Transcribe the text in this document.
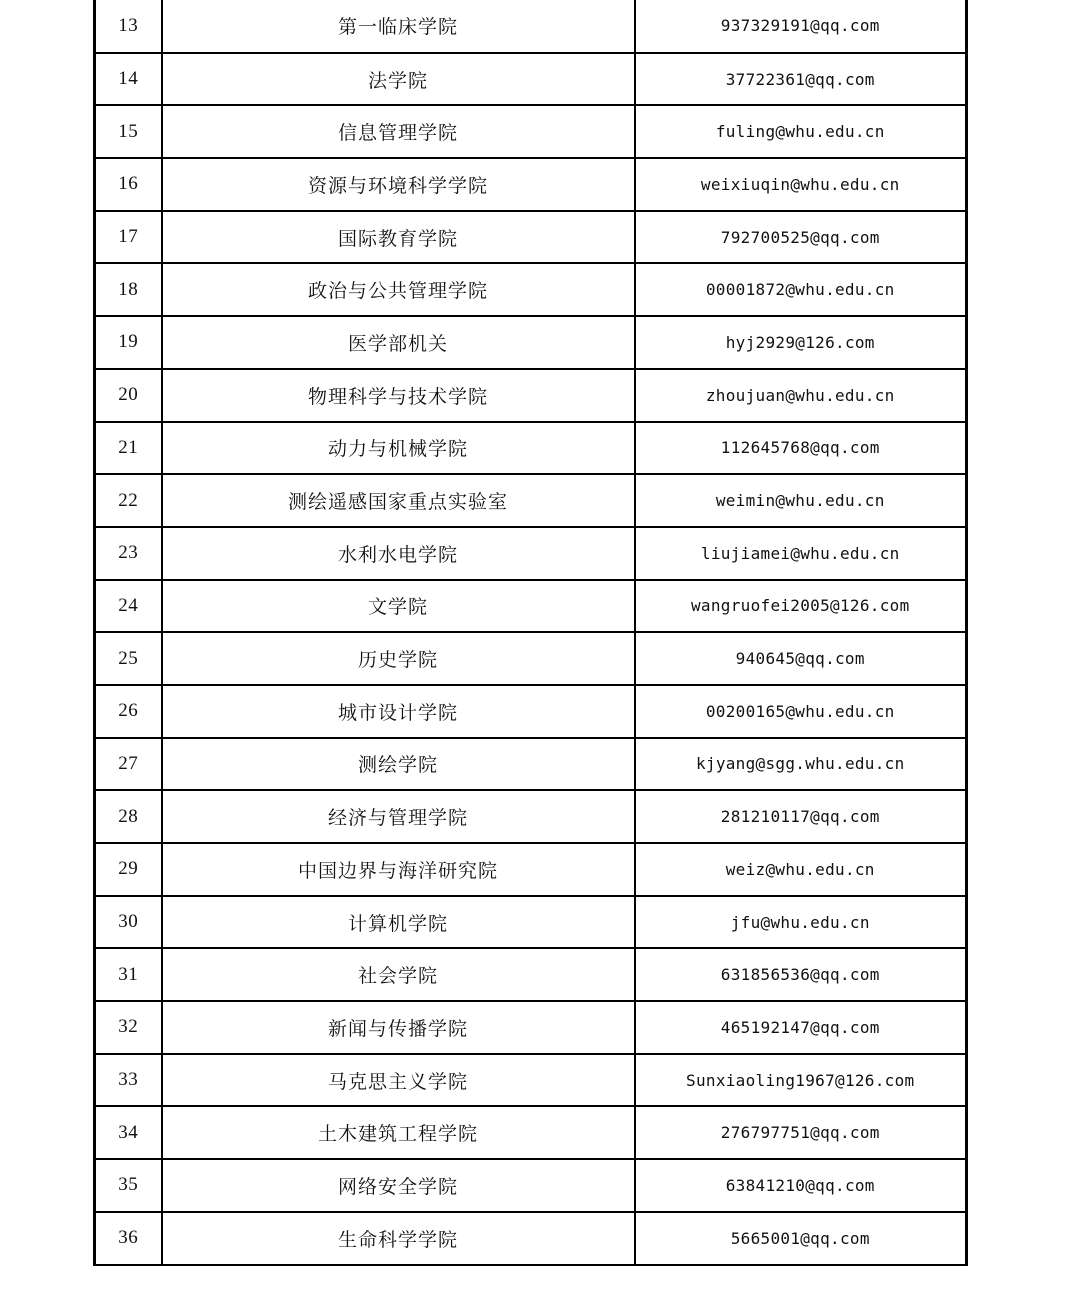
13	第一临床学院	937329191@qq.com
14	法学院	37722361@qq.com
15	信息管理学院	fuling@whu.edu.cn
16	资源与环境科学学院	weixiuqin@whu.edu.cn
17	国际教育学院	792700525@qq.com
18	政治与公共管理学院	00001872@whu.edu.cn
19	医学部机关	hyj2929@126.com
20	物理科学与技术学院	zhoujuan@whu.edu.cn
21	动力与机械学院	112645768@qq.com
22	测绘遥感国家重点实验室	weimin@whu.edu.cn
23	水利水电学院	liujiamei@whu.edu.cn
24	文学院	wangruofei2005@126.com
25	历史学院	940645@qq.com
26	城市设计学院	00200165@whu.edu.cn
27	测绘学院	kjyang@sgg.whu.edu.cn
28	经济与管理学院	281210117@qq.com
29	中国边界与海洋研究院	weiz@whu.edu.cn
30	计算机学院	jfu@whu.edu.cn
31	社会学院	631856536@qq.com
32	新闻与传播学院	465192147@qq.com
33	马克思主义学院	Sunxiaoling1967@126.com
34	土木建筑工程学院	276797751@qq.com
35	网络安全学院	63841210@qq.com
36	生命科学学院	5665001@qq.com
